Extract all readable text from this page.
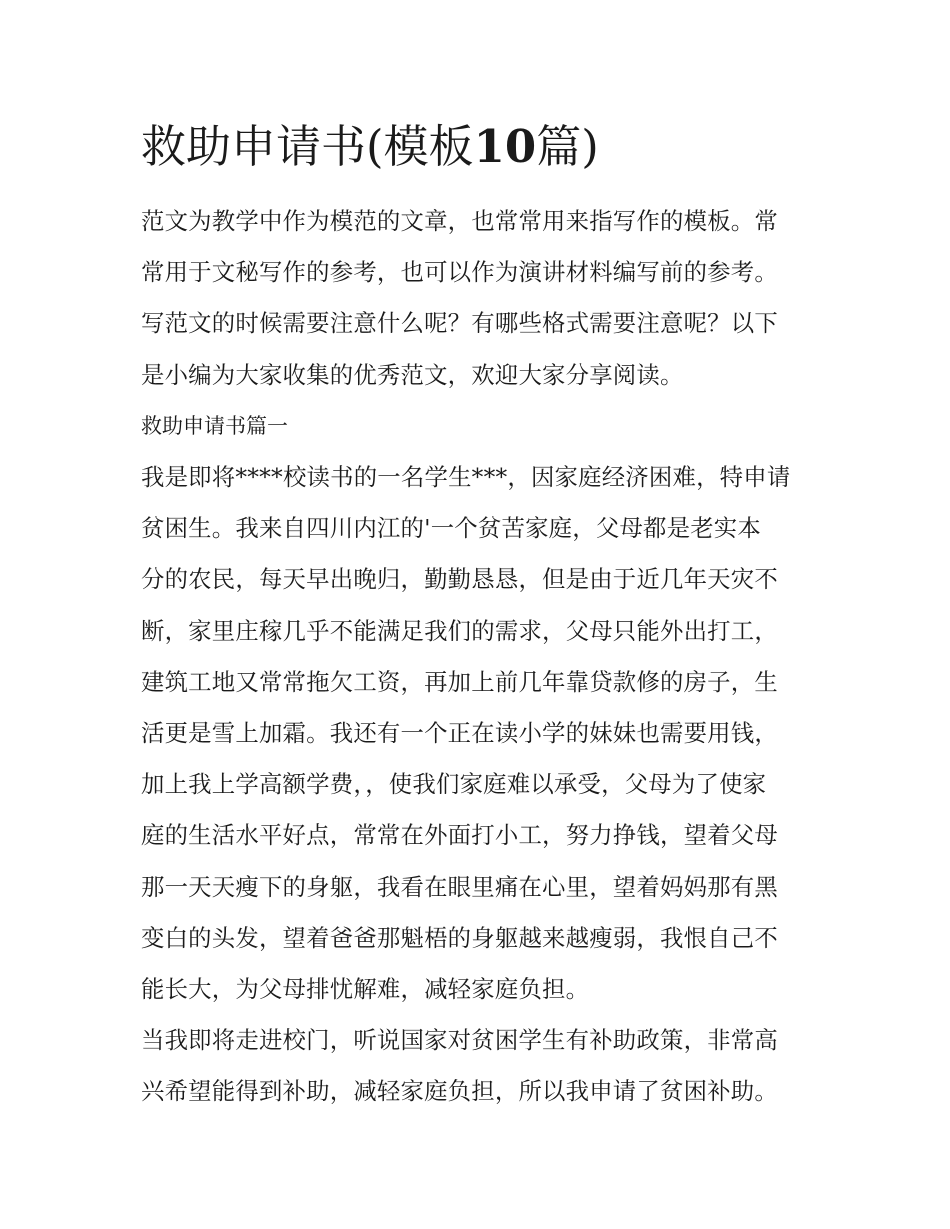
救助申请书(模板10篇)
范文为教学中作为模范的文章，也常常用来指写作的模板。常
常用于文秘写作的参考，也可以作为演讲材料编写前的参考。
写范文的时候需要注意什么呢？有哪些格式需要注意呢？以下
是小编为大家收集的优秀范文，欢迎大家分享阅读。
救助申请书篇一
我是即将****校读书的一名学生***，因家庭经济困难，特申请
贫困生。我来自四川内江的'一个贫苦家庭，父母都是老实本
分的农民，每天早出晚归，勤勤恳恳，但是由于近几年天灾不
断，家里庄稼几乎不能满足我们的需求，父母只能外出打工，
建筑工地又常常拖欠工资，再加上前几年靠贷款修的房子，生
活更是雪上加霜。我还有一个正在读小学的妹妹也需要用钱，
加上我上学高额学费，，使我们家庭难以承受，父母为了使家
庭的生活水平好点，常常在外面打小工，努力挣钱，望着父母
那一天天瘦下的身躯，我看在眼里痛在心里，望着妈妈那有黑
变白的头发，望着爸爸那魁梧的身躯越来越瘦弱，我恨自己不
能长大，为父母排忧解难，减轻家庭负担。
当我即将走进校门，听说国家对贫困学生有补助政策，非常高
兴希望能得到补助，减轻家庭负担，所以我申请了贫困补助。
